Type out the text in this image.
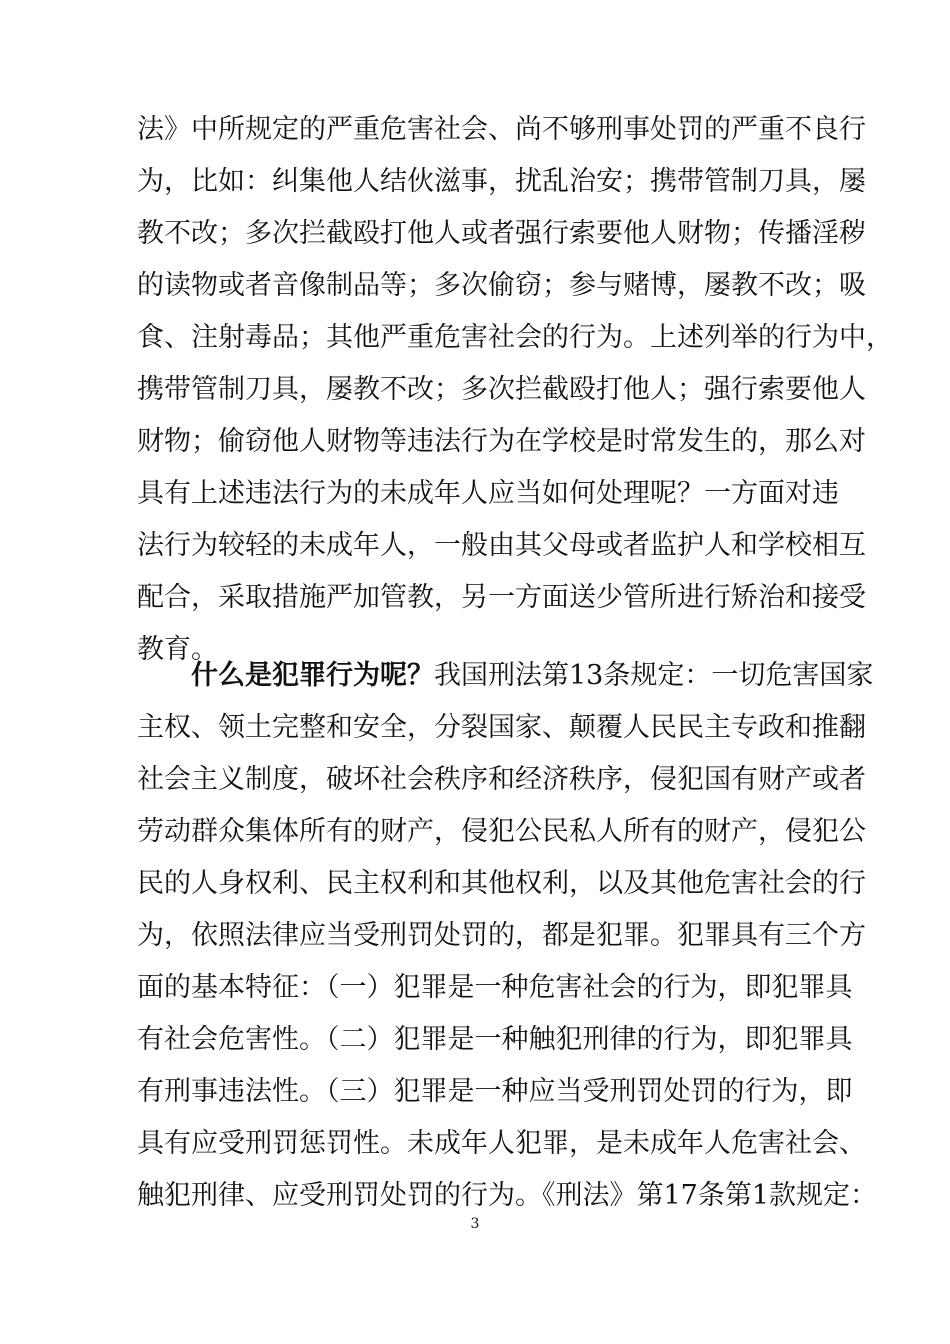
法》中所规定的严重危害社会、尚不够刑事处罚的严重不良行
为，比如：纠集他人结伙滋事，扰乱治安；携带管制刀具，屡
教不改；多次拦截殴打他人或者强行索要他人财物；传播淫秽
的读物或者音像制品等；多次偷窃；参与赌博，屡教不改；吸
食、注射毒品；其他严重危害社会的行为。上述列举的行为中，
携带管制刀具，屡教不改；多次拦截殴打他人；强行索要他人
财物；偷窃他人财物等违法行为在学校是时常发生的，那么对
具有上述违法行为的未成年人应当如何处理呢？一方面对违
法行为较轻的未成年人，一般由其父母或者监护人和学校相互
配合，采取措施严加管教，另一方面送少管所进行矫治和接受
教育。
什么是犯罪行为呢？我国刑法第13条规定：一切危害国家
主权、领土完整和安全，分裂国家、颠覆人民民主专政和推翻
社会主义制度，破坏社会秩序和经济秩序，侵犯国有财产或者
劳动群众集体所有的财产，侵犯公民私人所有的财产，侵犯公
民的人身权利、民主权利和其他权利，以及其他危害社会的行
为，依照法律应当受刑罚处罚的，都是犯罪。犯罪具有三个方
面的基本特征：（一）犯罪是一种危害社会的行为，即犯罪具
有社会危害性。（二）犯罪是一种触犯刑律的行为，即犯罪具
有刑事违法性。（三）犯罪是一种应当受刑罚处罚的行为，即
具有应受刑罚惩罚性。未成年人犯罪，是未成年人危害社会、
触犯刑律、应受刑罚处罚的行为。《刑法》第17条第1款规定：
3
